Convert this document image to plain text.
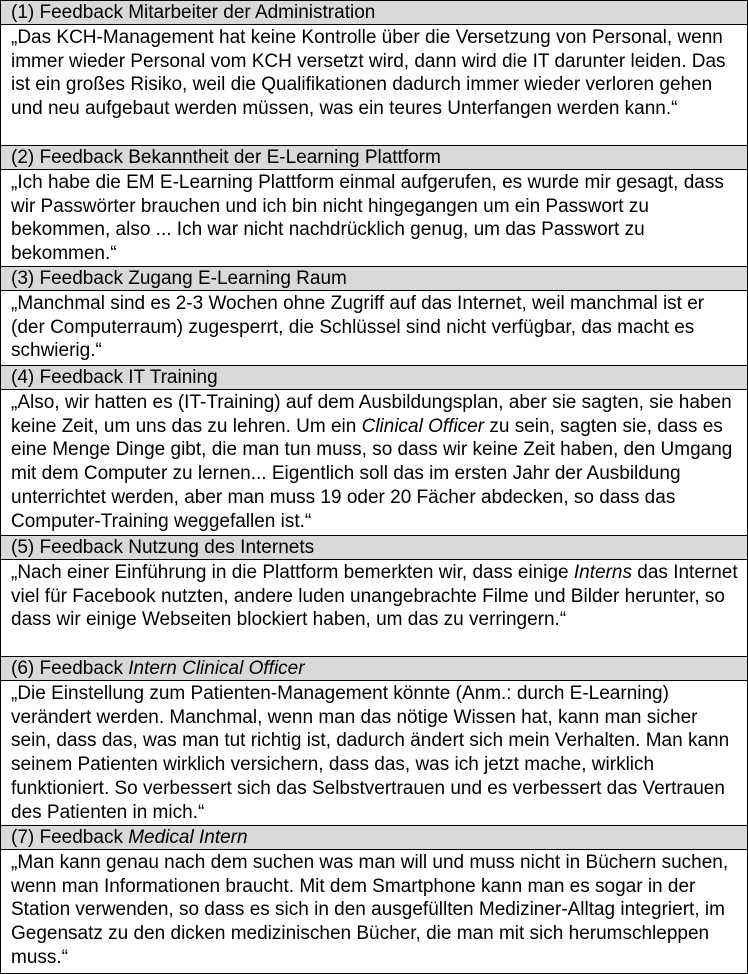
(1) Feedback Mitarbeiter der Administration
„Das KCH-Management hat keine Kontrolle über die Versetzung von Personal, wenn immer wieder Personal vom KCH versetzt wird, dann wird die IT darunter leiden. Das ist ein großes Risiko, weil die Qualifikationen dadurch immer wieder verloren gehen und neu aufgebaut werden müssen, was ein teures Unterfangen werden kann.“
(2) Feedback Bekanntheit der E-Learning Plattform
„Ich habe die EM E-Learning Plattform einmal aufgerufen, es wurde mir gesagt, dass wir Passwörter brauchen und ich bin nicht hingegangen um ein Passwort zu bekommen, also ... Ich war nicht nachdrücklich genug, um das Passwort zu bekommen.“
(3) Feedback Zugang E-Learning Raum
„Manchmal sind es 2-3 Wochen ohne Zugriff auf das Internet, weil manchmal ist er (der Computerraum) zugesperrt, die Schlüssel sind nicht verfügbar, das macht es schwierig.“
(4) Feedback IT Training
„Also, wir hatten es (IT-Training) auf dem Ausbildungsplan, aber sie sagten, sie haben keine Zeit, um uns das zu lehren. Um ein Clinical Officer zu sein, sagten sie, dass es eine Menge Dinge gibt, die man tun muss, so dass wir keine Zeit haben, den Umgang mit dem Computer zu lernen... Eigentlich soll das im ersten Jahr der Ausbildung unterrichtet werden, aber man muss 19 oder 20 Fächer abdecken, so dass das Computer-Training weggefallen ist.“
(5) Feedback Nutzung des Internets
„Nach einer Einführung in die Plattform bemerkten wir, dass einige Interns das Internet viel für Facebook nutzten, andere luden unangebrachte Filme und Bilder herunter, so dass wir einige Webseiten blockiert haben, um das zu verringern.“
(6) Feedback Intern Clinical Officer
„Die Einstellung zum Patienten-Management könnte (Anm.: durch E-Learning) verändert werden. Manchmal, wenn man das nötige Wissen hat, kann man sicher sein, dass das, was man tut richtig ist, dadurch ändert sich mein Verhalten. Man kann seinem Patienten wirklich versichern, dass das, was ich jetzt mache, wirklich funktioniert. So verbessert sich das Selbstvertrauen und es verbessert das Vertrauen des Patienten in mich.“
(7) Feedback Medical Intern
„Man kann genau nach dem suchen was man will und muss nicht in Büchern suchen, wenn man Informationen braucht. Mit dem Smartphone kann man es sogar in der Station verwenden, so dass es sich in den ausgefüllten Mediziner-Alltag integriert, im Gegensatz zu den dicken medizinischen Bücher, die man mit sich herumschleppen muss.“
